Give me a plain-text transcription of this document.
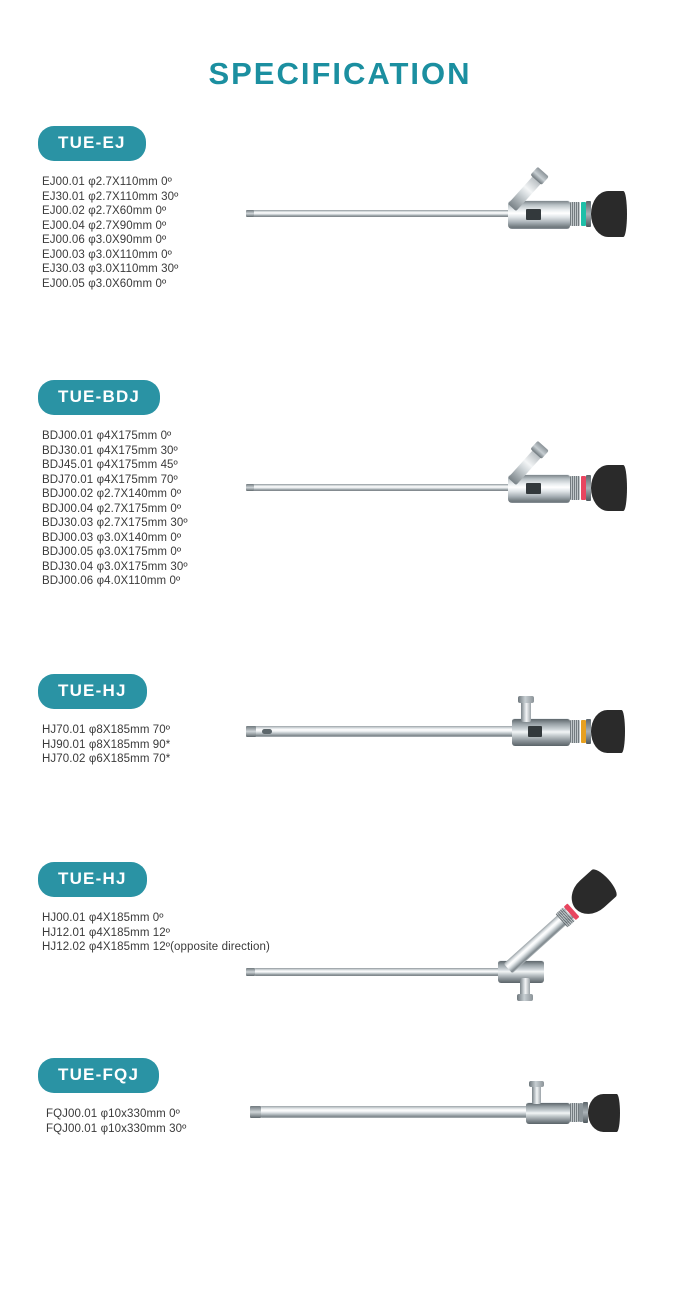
SPECIFICATION
TUE-EJ
EJ00.01 φ2.7X110mm 0º
EJ30.01 φ2.7X110mm 30º
EJ00.02 φ2.7X60mm 0º
EJ00.04 φ2.7X90mm 0º
EJ00.06 φ3.0X90mm 0º
EJ00.03 φ3.0X110mm 0º
EJ30.03 φ3.0X110mm 30º
EJ00.05 φ3.0X60mm 0º
TUE-BDJ
BDJ00.01 φ4X175mm 0º
BDJ30.01 φ4X175mm 30º
BDJ45.01 φ4X175mm 45º
BDJ70.01 φ4X175mm 70º
BDJ00.02 φ2.7X140mm 0º
BDJ00.04 φ2.7X175mm 0º
BDJ30.03 φ2.7X175mm 30º
BDJ00.03 φ3.0X140mm 0º
BDJ00.05 φ3.0X175mm 0º
BDJ30.04 φ3.0X175mm 30º
BDJ00.06 φ4.0X110mm 0º
TUE-HJ
HJ70.01 φ8X185mm 70º
HJ90.01 φ8X185mm 90*
HJ70.02 φ6X185mm 70*
TUE-HJ
HJ00.01 φ4X185mm 0º
HJ12.01 φ4X185mm 12º
HJ12.02 φ4X185mm 12º(opposite direction)
TUE-FQJ
FQJ00.01 φ10x330mm 0º
FQJ00.01 φ10x330mm 30º
